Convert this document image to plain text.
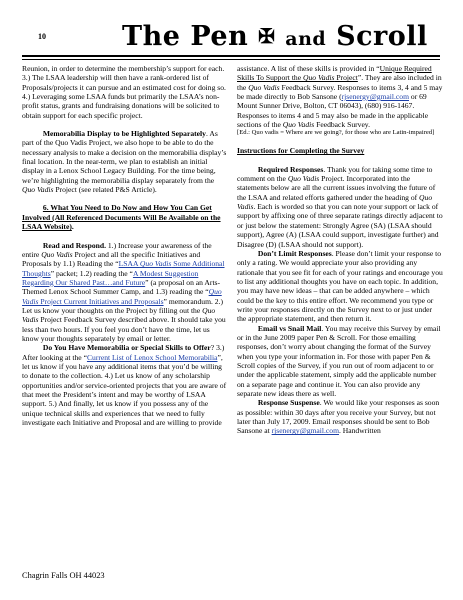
10	The Pen ✠ and Scroll

Reunion, in order to determine the membership’s support for each. 3.) The LSAA leadership will then have a rank-ordered list of Proposals/projects it can pursue and an estimated cost for doing so. 4.) Leveraging some LSAA funds but primarily the LSAA’s non-profit status, grants and fundraising donations will be solicited to obtain support for each specific project.

Memorabilia Display to be Highlighted Separately. As part of the Quo Vadis Project, we also hope to be able to do the necessary analysis to make a decision on the memorabilia display’s final location. In the near-term, we plan to establish an initial display in a Lenox School Legacy Building. For the time being, we’re highlighting the memorabilia display separately from the Quo Vadis Project (see related P&S Article).

6. What You Need to Do Now and How You Can Get Involved (All Referenced Documents Will Be Available on the LSAA Website).

Read and Respond. 1.) Increase your awareness of the entire Quo Vadis Project and all the specific Initiatives and Proposals by 1.1) Reading the “LSAA Quo Vadis Some Additional Thoughts” packet; 1.2) reading the “A Modest Suggestion Regarding Our Shared Past…and Future” (a proposal on an Arts-Themed Lenox School Summer Camp, and 1.3) reading the “Quo Vadis Project Current Initiatives and Proposals” memorandum. 2.) Let us know your thoughts on the Project by filling out the Quo Vadis Project Feedback Survey described above. It should take you less than two hours. If you feel you don’t have the time, let us know your thoughts separately by email or letter.

Do You Have Memorabilia or Special Skills to Offer? 3.) After looking at the “Current List of Lenox School Memorabilia”, let us know if you have any additional items that you’d be willing to donate to the collection. 4.) Let us know of any scholarship opportunities and/or service-oriented projects that you are aware of that meet the President’s intent and may be worthy of LSAA support. 5.) And finally, let us know if you possess any of the unique technical skills and experiences that we need to fully investigate each Initiative and Proposal and are willing to provide

assistance. A list of these skills is provided in “Unique Required Skills To Support the Quo Vadis Project”. They are also included in the Quo Vadis Feedback Survey. Responses to items 3, 4 and 5 may be made directly to Bob Sansone (rjsenergy@gmail.com or 69 Mount Sunner Drive, Bolton, CT 06043), (680) 916-1467. Responses to items 4 and 5 may also be made in the applicable sections of the Quo Vadis Feedback Survey.

[Ed.: Quo vadis = Where are we going?, for those who are Latin-impaired]

Instructions for Completing the Survey

Required Responses. Thank you for taking some time to comment on the Quo Vadis Project. Incorporated into the statements below are all the current issues involving the future of the LSAA and related efforts gathered under the heading of Quo Vadis. Each is worded so that you can note your support or lack of support by affixing one of three separate ratings directly adjacent to or just below the statement: Strongly Agree (SA) (LSAA should support), Agree (A) (LSAA could support, investigate further) and Disagree (D) (LSAA should not support).

Don’t Limit Responses. Please don’t limit your response to only a rating. We would appreciate your also providing any rationale that you see fit for each of your ratings and encourage you to list any additional thoughts you have on each topic. In addition, you may have new ideas – that can be added anywhere – which could be the key to this entire effort. We recommend you type or write your responses directly on the Survey next to or just under the appropriate statement, and then return it.

Email vs Snail Mail. You may receive this Survey by email or in the June 2009 paper Pen & Scroll. For those emailing responses, don’t worry about changing the format of the Survey when you type your information in. For those with paper Pen & Scroll copies of the Survey, if you run out of room adjacent to or under the applicable statement, simply add the applicable number on a separate page and continue it. You can also provide any separate new ideas there as well.

Response Suspense. We would like your responses as soon as possible: within 30 days after you receive your Survey, but not later than July 17, 2009. Email responses should be sent to Bob Sansone at rjsenergy@gmail.com. Handwritten

Chagrin Falls OH 44023
